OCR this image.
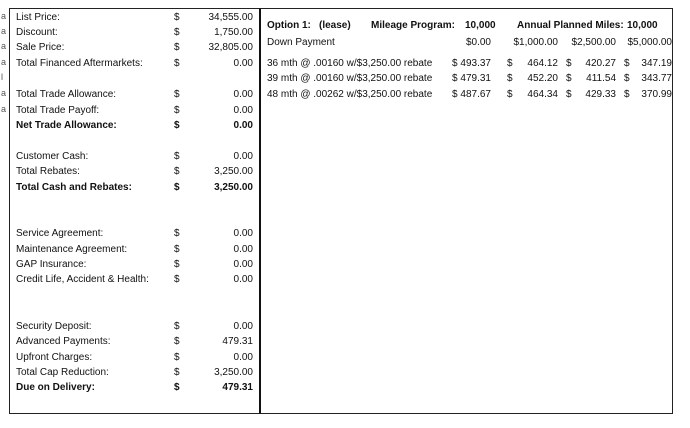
List Price:	$	34,555.00
Discount:	$	1,750.00
Sale Price:	$	32,805.00
Total Financed Aftermarkets:	$	0.00
Total Trade Allowance:	$	0.00
Total Trade Payoff:	$	0.00
Net Trade Allowance:	$	0.00
Customer Cash:	$	0.00
Total Rebates:	$	3,250.00
Total Cash and Rebates:	$	3,250.00
Service Agreement:	$	0.00
Maintenance Agreement:	$	0.00
GAP Insurance:	$	0.00
Credit Life, Accident & Health:	$	0.00
Security Deposit:	$	0.00
Advanced Payments:	$	479.31
Upfront Charges:	$	0.00
Total Cap Reduction:	$	3,250.00
Due on Delivery:	$	479.31
a
a
a
a
l
a
a
Option 1: (lease) Mileage Program: 10,000 Annual Planned Miles: 10,000
Down Payment	$0.00	$1,000.00	$2,500.00	$5,000.00
36 mth @ .00160 w/$3,250.00 rebate $ 493.37 $	464.12 $	420.27 $	347.19
39 mth @ .00160 w/$3,250.00 rebate $ 479.31 $	452.20 $	411.54 $	343.77
48 mth @ .00262 w/$3,250.00 rebate $ 487.67 $	464.34 $	429.33 $	370.99
